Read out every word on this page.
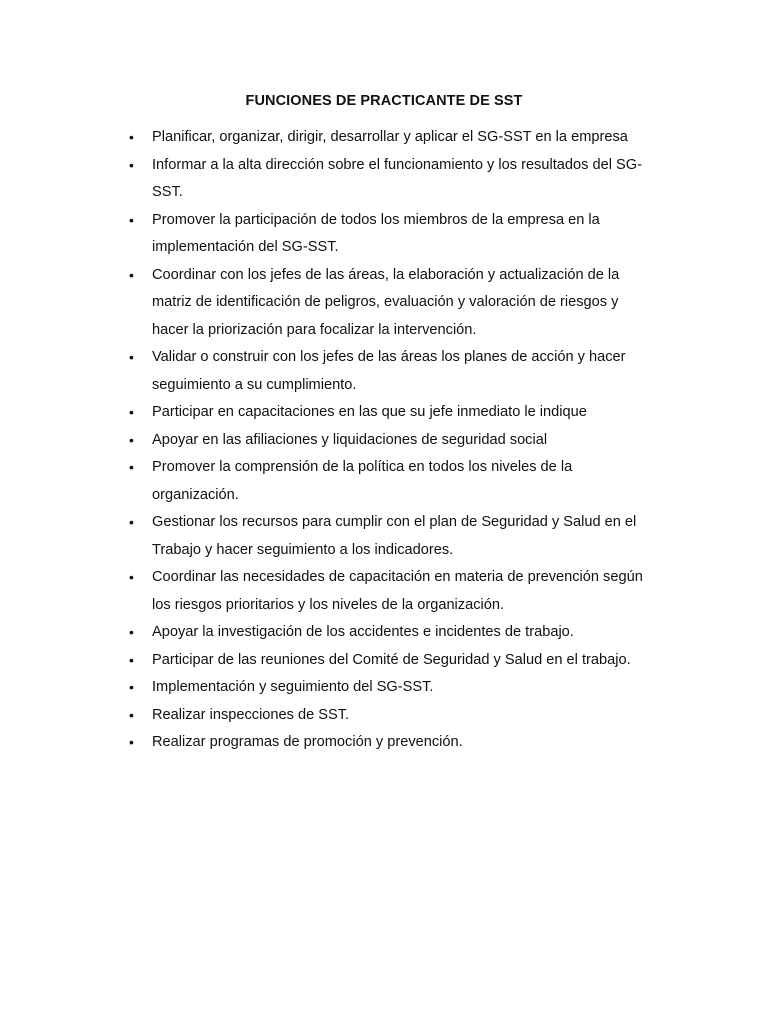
FUNCIONES DE PRACTICANTE DE SST
•	Planificar, organizar, dirigir, desarrollar y aplicar el SG-SST en la empresa
•	Informar a la alta dirección sobre el funcionamiento y los resultados del SG-
SST.
•	Promover la participación de todos los miembros de la empresa en la
implementación del SG-SST.
•	Coordinar con los jefes de las áreas, la elaboración y actualización de la
matriz de identificación de peligros, evaluación y valoración de riesgos y
hacer la priorización para focalizar la intervención.
•	Validar o construir con los jefes de las áreas los planes de acción y hacer
seguimiento a su cumplimiento.
•	Participar en capacitaciones en las que su jefe inmediato le indique
•	Apoyar en las afiliaciones y liquidaciones de seguridad social
•	Promover la comprensión de la política en todos los niveles de la
organización.
•	Gestionar los recursos para cumplir con el plan de Seguridad y Salud en el
Trabajo y hacer seguimiento a los indicadores.
•	Coordinar las necesidades de capacitación en materia de prevención según
los riesgos prioritarios y los niveles de la organización.
•	Apoyar la investigación de los accidentes e incidentes de trabajo.
•	Participar de las reuniones del Comité de Seguridad y Salud en el trabajo.
•	Implementación y seguimiento del SG-SST.
•	Realizar inspecciones de SST.
•	Realizar programas de promoción y prevención.
